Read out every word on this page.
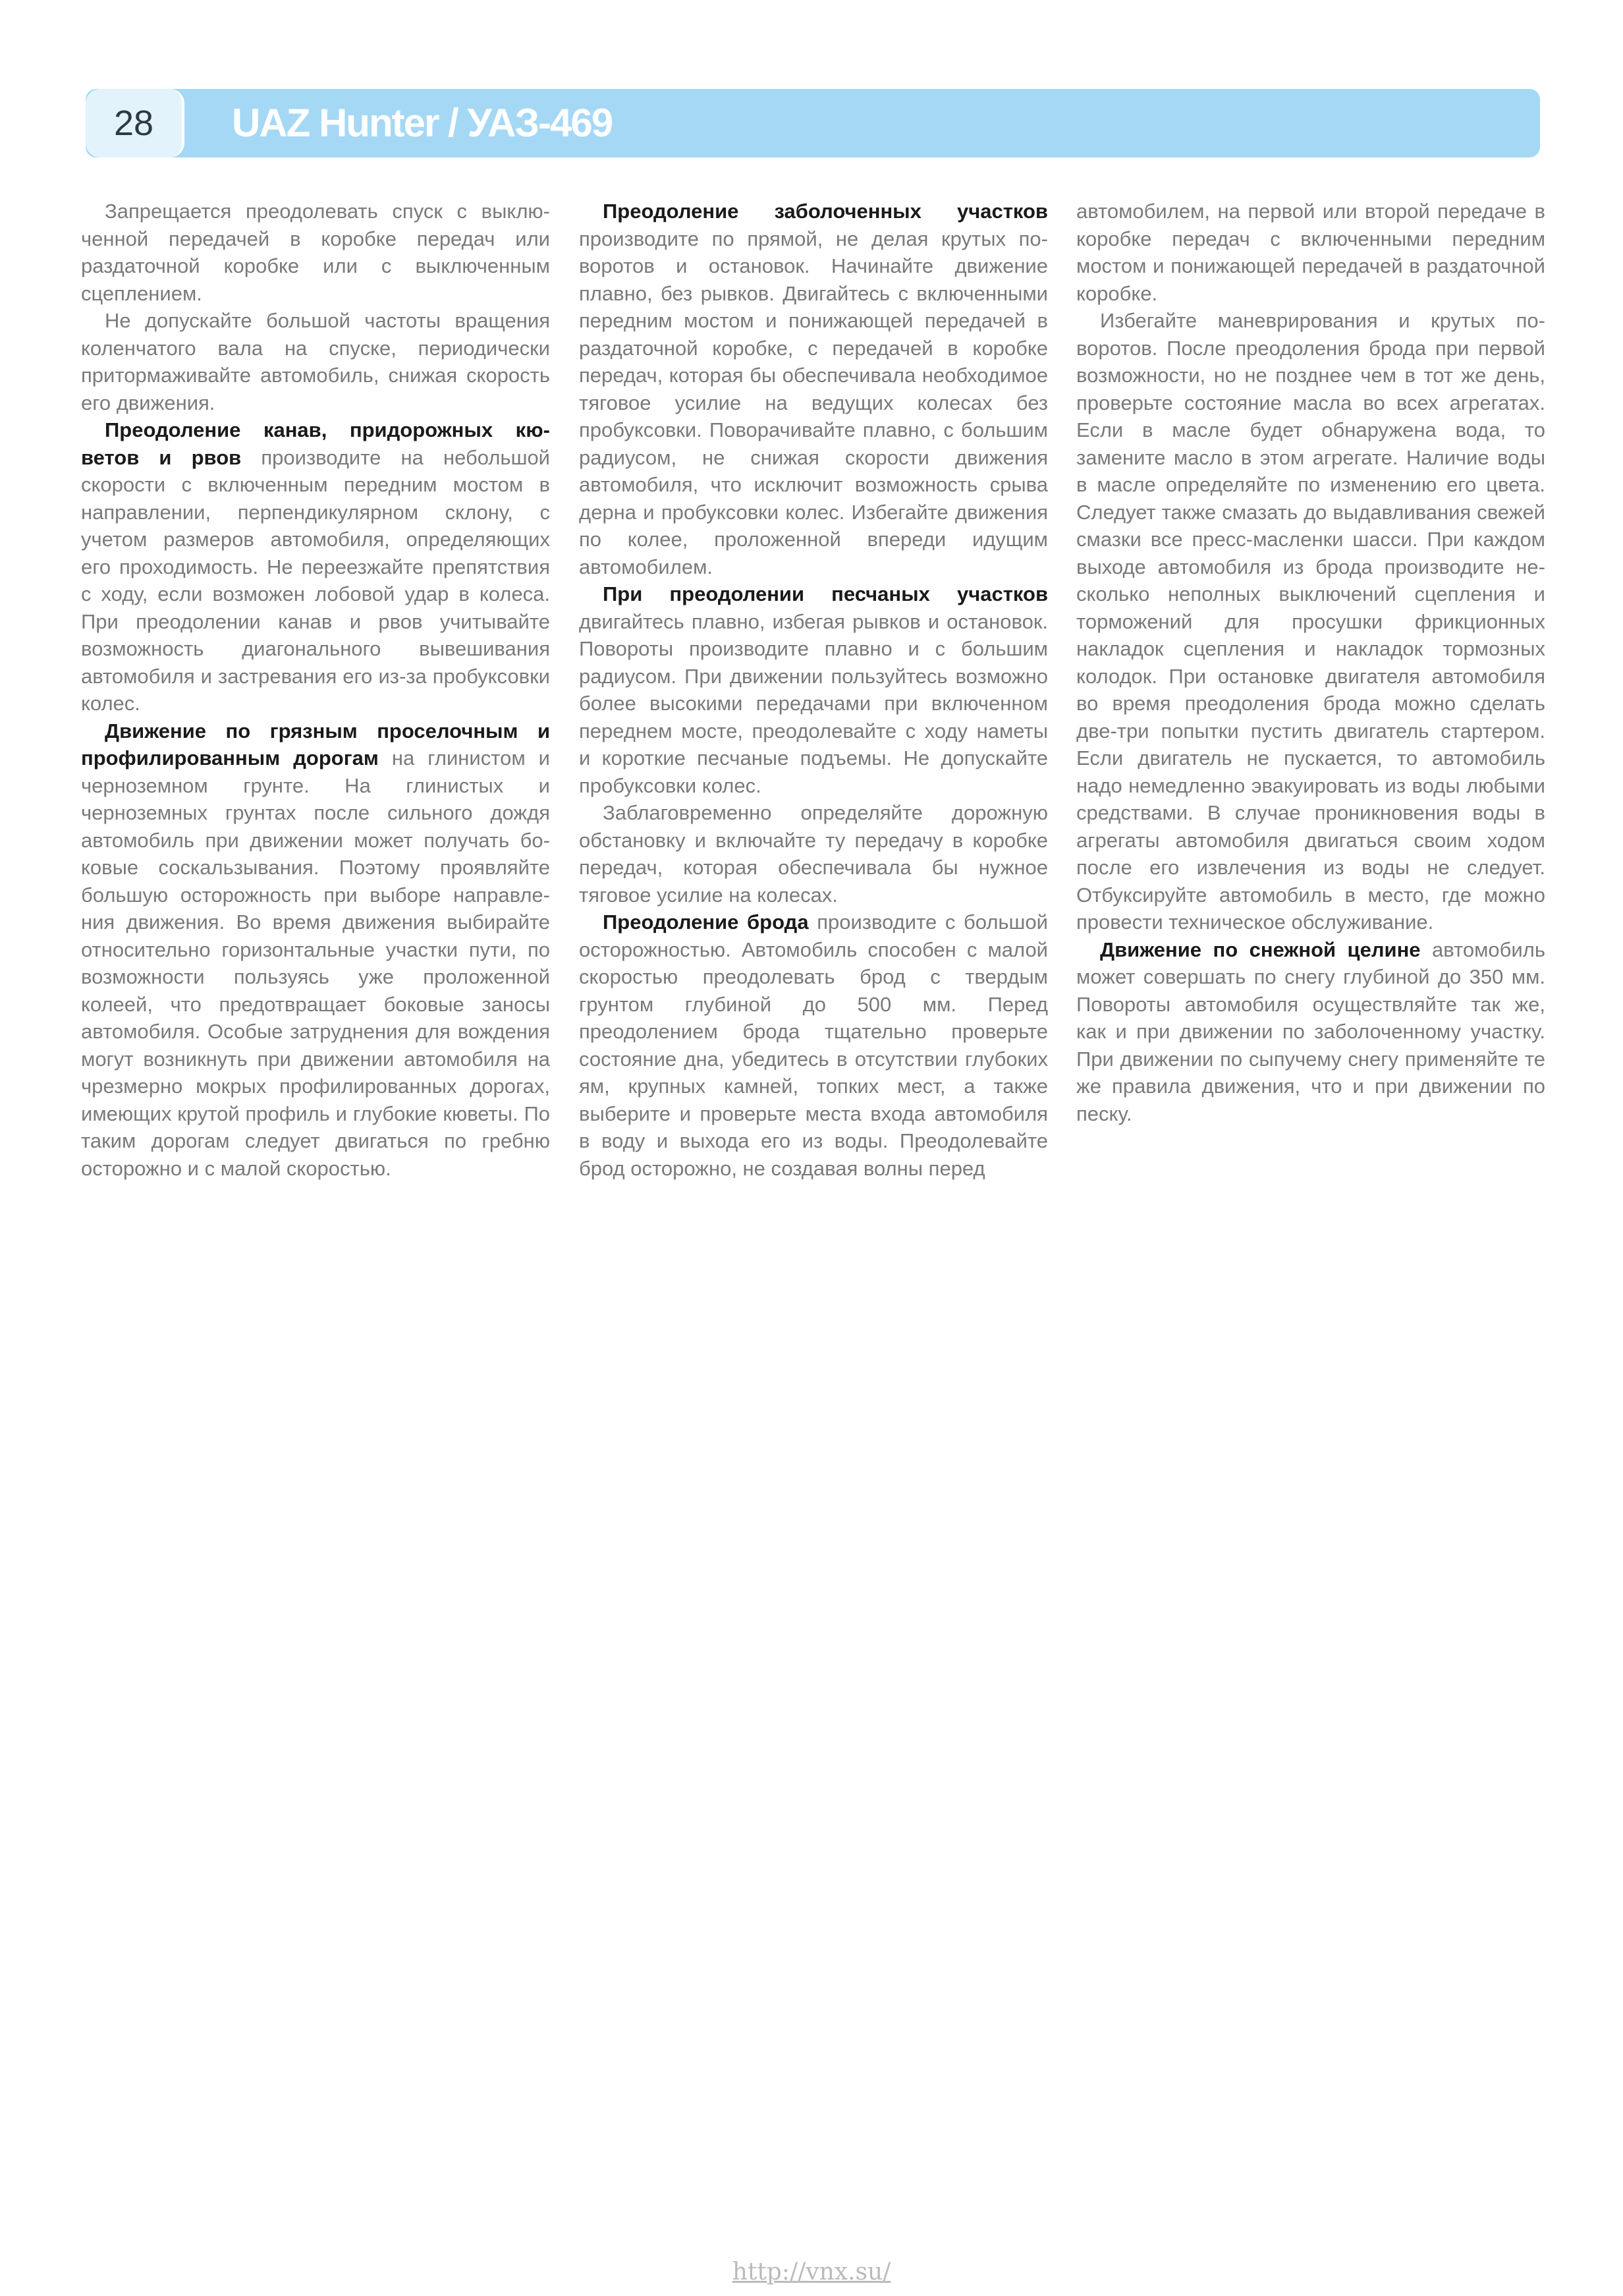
28	UAZ Hunter / УАЗ-469

Запрещается преодолевать спуск с выключенной передачей в коробке передач или раздаточной коробке или с выключенным сцеплением.

Не допускайте большой частоты вращения коленчатого вала на спуске, периодически притормаживайте автомобиль, снижая скорость его движения.

Преодоление канав, придорожных кюветов и рвов производите на небольшой скорости с включенным передним мостом в направлении, перпендикулярном склону, с учетом размеров автомобиля, определяющих его проходимость. Не переезжайте препятствия с ходу, если возможен лобовой удар в колеса. При преодолении канав и рвов учитывайте возможность диагонального вывешивания автомобиля и застревания его из-за пробуксовки колес.

Движение по грязным проселочным и профилированным дорогам на глинистом и черноземном грунте. На глинистых и черноземных грунтах после сильного дождя автомобиль при движении может получать боковые соскальзывания. Поэтому проявляйте большую осторожность при выборе направления движения. Во время движения выбирайте относительно горизонтальные участки пути, по возможности пользуясь уже проложенной колеей, что предотвращает боковые заносы автомобиля. Особые затруднения для вождения могут возникнуть при движении автомобиля на чрезмерно мокрых профилированных дорогах, имеющих крутой профиль и глубокие кюветы. По таким дорогам следует двигаться по гребню осторожно и с малой скоростью.

Преодоление заболоченных участков производите по прямой, не делая крутых поворотов и остановок. Начинайте движение плавно, без рывков. Двигайтесь с включенными передним мостом и понижающей передачей в раздаточной коробке, с передачей в коробке передач, которая бы обеспечивала необходимое тяговое усилие на ведущих колесах без пробуксовки. Поворачивайте плавно, с большим радиусом, не снижая скорости движения автомобиля, что исключит возможность срыва дерна и пробуксовки колес. Избегайте движения по колее, проложенной впереди идущим автомобилем.

При преодолении песчаных участков двигайтесь плавно, избегая рывков и остановок. Повороты производите плавно и с большим радиусом. При движении пользуйтесь возможно более высокими передачами при включенном переднем мосте, преодолевайте с ходу наметы и короткие песчаные подъемы. Не допускайте пробуксовки колес.

Заблаговременно определяйте дорожную обстановку и включайте ту передачу в коробке передач, которая обеспечивала бы нужное тяговое усилие на колесах.

Преодоление брода производите с большой осторожностью. Автомобиль способен с малой скоростью преодолевать брод с твердым грунтом глубиной до 500 мм. Перед преодолением брода тщательно проверьте состояние дна, убедитесь в отсутствии глубоких ям, крупных камней, топких мест, а также выберите и проверьте места входа автомобиля в воду и выхода его из воды. Преодолевайте брод осторожно, не создавая волны перед

автомобилем, на первой или второй передаче в коробке передач с включенными передним мостом и понижающей передачей в раздаточной коробке.

Избегайте маневрирования и крутых поворотов. После преодоления брода при первой возможности, но не позднее чем в тот же день, проверьте состояние масла во всех агрегатах. Если в масле будет обнаружена вода, то замените масло в этом агрегате. Наличие воды в масле определяйте по изменению его цвета. Следует также смазать до выдавливания свежей смазки все пресс-масленки шасси. При каждом выходе автомобиля из брода производите несколько неполных выключений сцепления и торможений для просушки фрикционных накладок сцепления и накладок тормозных колодок. При остановке двигателя автомобиля во время преодоления брода можно сделать две-три попытки пустить двигатель стартером. Если двигатель не пускается, то автомобиль надо немедленно эвакуировать из воды любыми средствами. В случае проникновения воды в агрегаты автомобиля двигаться своим ходом после его извлечения из воды не следует. Отбуксируйте автомобиль в место, где можно провести техническое обслуживание.

Движение по снежной целине автомобиль может совершать по снегу глубиной до 350 мм. Повороты автомобиля осуществляйте так же, как и при движении по заболоченному участку. При движении по сыпучему снегу применяйте те же правила движения, что и при движении по песку.

http://vnx.su/
